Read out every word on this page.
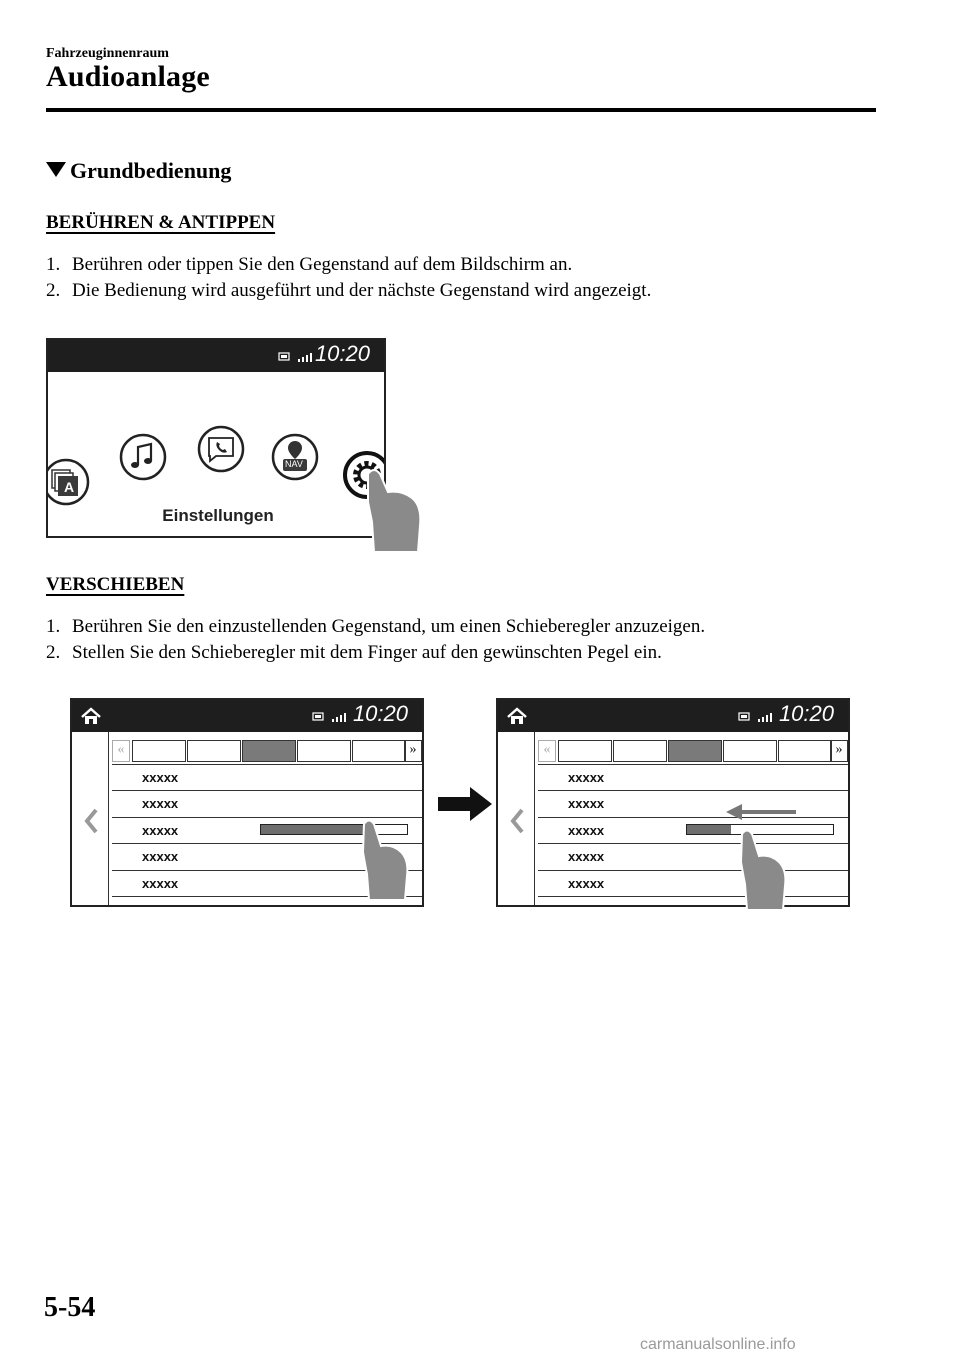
Fahrzeuginnenraum
Audioanlage
Grundbedienung
BERÜHREN & ANTIPPEN
1. Berühren oder tippen Sie den Gegenstand auf dem Bildschirm an.
2. Die Bedienung wird ausgeführt und der nächste Gegenstand wird angezeigt.
10:20
A
NAV
Einstellungen
VERSCHIEBEN
1. Berühren Sie den einzustellenden Gegenstand, um einen Schieberegler anzuzeigen.
2. Stellen Sie den Schieberegler mit dem Finger auf den gewünschten Pegel ein.
10:20
«	»
xxxxx
xxxxx
xxxxx
xxxxx
xxxxx
10:20
«	»
xxxxx
xxxxx
xxxxx
xxxxx
xxxxx
5-54
carmanualsonline.info
